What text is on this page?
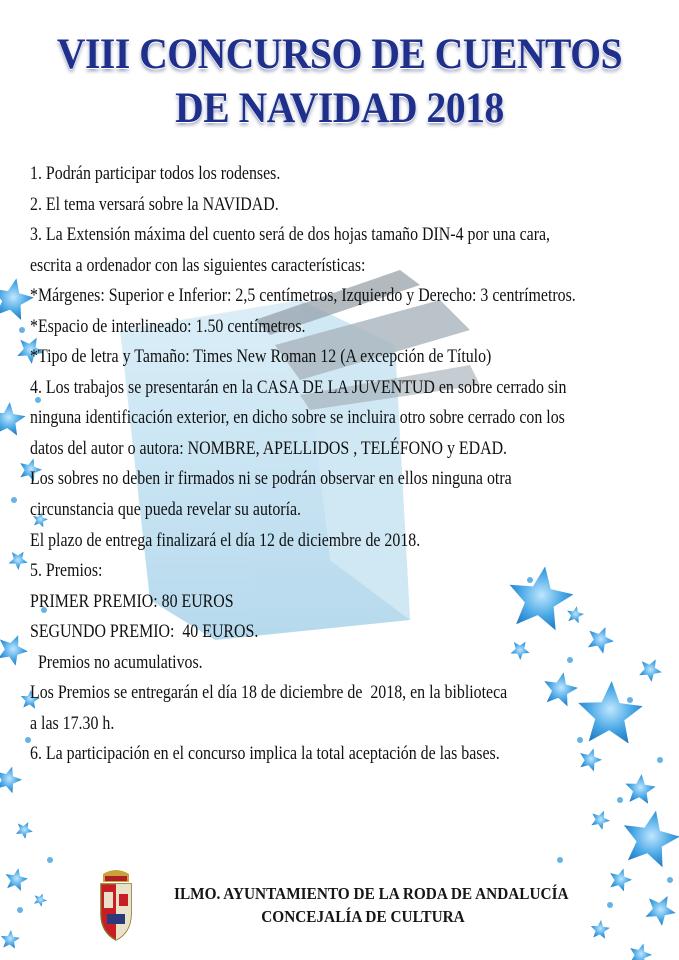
VIII CONCURSO DE CUENTOS
DE NAVIDAD 2018
1. Podrán participar todos los rodenses.
2. El tema versará sobre la NAVIDAD.
3. La Extensión máxima del cuento será de dos hojas tamaño DIN-4 por una cara,
escrita a ordenador con las siguientes características:
*Márgenes: Superior e Inferior: 2,5 centímetros, Izquierdo y Derecho: 3 centrímetros.
*Espacio de interlineado: 1.50 centímetros.
*Tipo de letra y Tamaño: Times New Roman 12 (A excepción de Título)
4. Los trabajos se presentarán en la CASA DE LA JUVENTUD en sobre cerrado sin
ninguna identificación exterior, en dicho sobre se incluira otro sobre cerrado con los
datos del autor o autora: NOMBRE, APELLIDOS , TELÉFONO y EDAD.
Los sobres no deben ir firmados ni se podrán observar en ellos ninguna otra
circunstancia que pueda revelar su autoría.
El plazo de entrega finalizará el día 12 de diciembre de 2018.
5. Premios:
PRIMER PREMIO: 80 EUROS
SEGUNDO PREMIO:  40 EUROS.
Premios no acumulativos.
Los Premios se entregarán el día 18 de diciembre de  2018, en la biblioteca
a las 17.30 h.
6. La participación en el concurso implica la total aceptación de las bases.
ILMO. AYUNTAMIENTO DE LA RODA DE ANDALUCÍA
CONCEJALÍA DE CULTURA
